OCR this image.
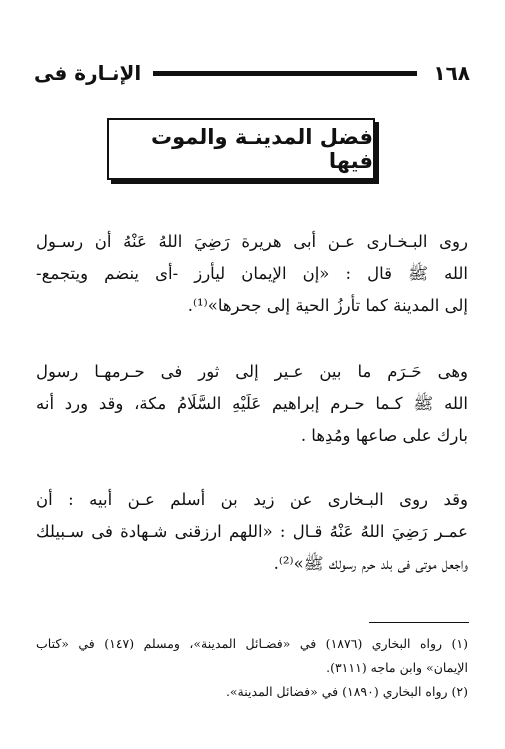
١٦٨
الإنـارة فى
فضل المدينـة والموت فيها
روى البـخـارى عـن أبى هريرة رَضِيَ اللهُ عَنْهُ أن رسـول
الله ﷺ قال : «إن الإيمان ليأرز -أى ينضم ويتجمع-
إلى المدينة كما تأرزُ الحية إلى جحرها»⁽¹⁾.
وهى حَـرَم ما بين عـير إلى ثور فى حـرمهـا رسول
الله ﷺ كـما حـرم إبراهيم عَلَيْهِ السَّلَامُ مكة، وقد ورد أنه
بارك على صاعها ومُدِها .
وقد روى البـخارى عن زيد بن أسلم عـن أبيه : أن
عمـر رَضِيَ اللهُ عَنْهُ قـال : «اللهم ارزقنى شـهادة فى سـبيلك
واجعل موتى فى بلد حرم رسولك ﷺ»⁽²⁾.
(١) رواه البخاري (١٨٧٦) في «فضـائل المدينة»، ومسلم (١٤٧) في «كتاب
الإيمان» وابن ماجه (٣١١١).
(٢) رواه البخاري (١٨٩٠) في «فضائل المدينة».
